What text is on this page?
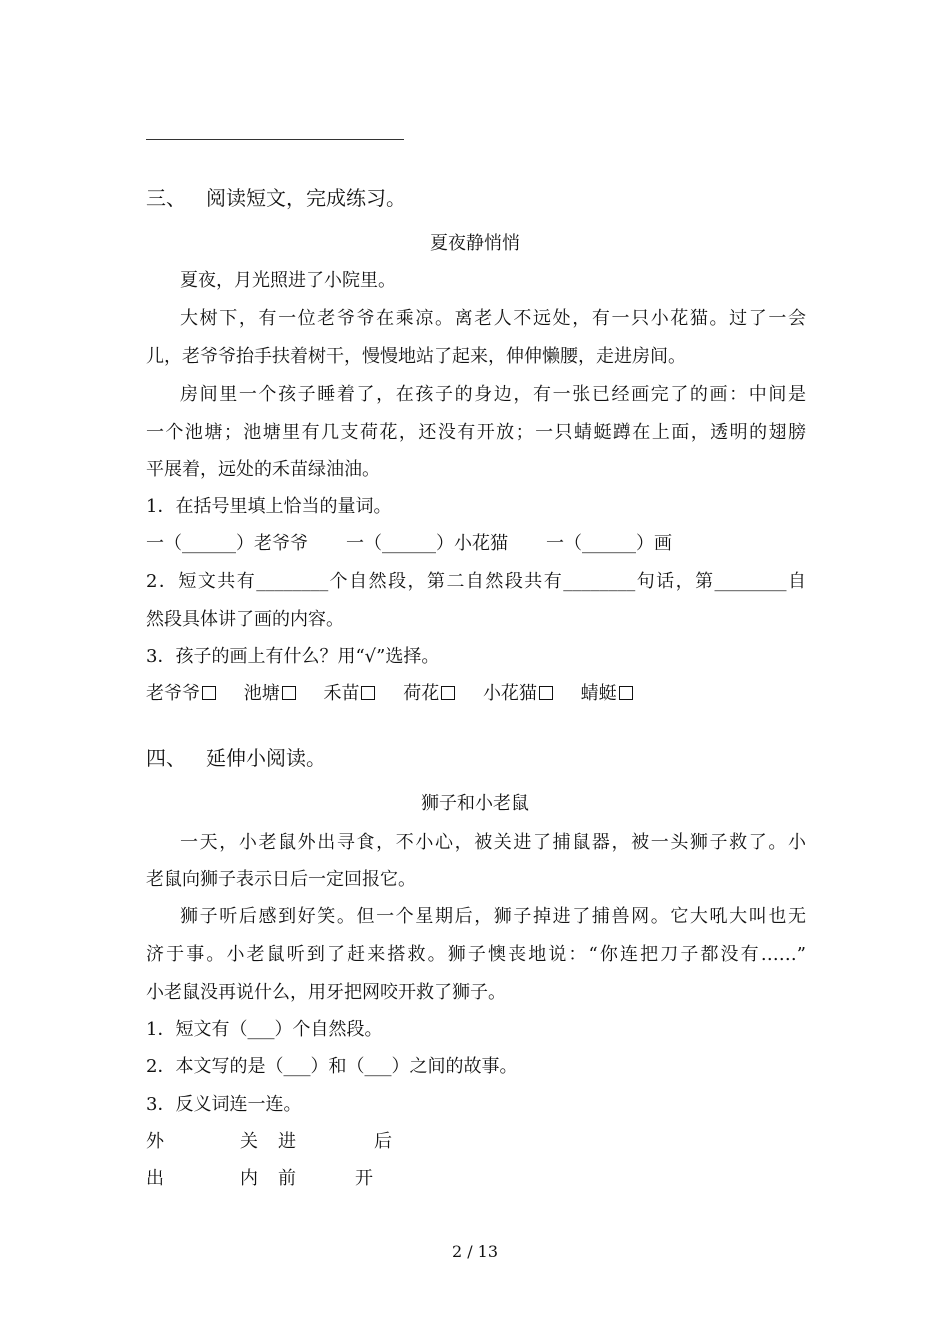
三、 阅读短文，完成练习。
夏夜静悄悄
夏夜，月光照进了小院里。
大树下，有一位老爷爷在乘凉。离老人不远处，有一只小花猫。过了一会
儿，老爷爷抬手扶着树干，慢慢地站了起来，伸伸懒腰，走进房间。
房间里一个孩子睡着了，在孩子的身边，有一张已经画完了的画：中间是
一个池塘；池塘里有几支荷花，还没有开放；一只蜻蜓蹲在上面，透明的翅膀
平展着，远处的禾苗绿油油。
1．在括号里填上恰当的量词。
一（______）老爷爷 一（______）小花猫 一（______）画
2．短文共有________个自然段，第二自然段共有________句话，第________自
然段具体讲了画的内容。
3．孩子的画上有什么？用“√”选择。
老爷爷 池塘 禾苗 荷花 小花猫 蜻蜓
四、 延伸小阅读。
狮子和小老鼠
一天，小老鼠外出寻食，不小心，被关进了捕鼠器，被一头狮子救了。小
老鼠向狮子表示日后一定回报它。
狮子听后感到好笑。但一个星期后，狮子掉进了捕兽网。它大吼大叫也无
济于事。小老鼠听到了赶来搭救。狮子懊丧地说：“你连把刀子都没有……”
小老鼠没再说什么，用牙把网咬开救了狮子。
1．短文有（___）个自然段。
2．本文写的是（___）和（___）之间的故事。
3．反义词连一连。
外	关 进	后
出	内 前	开
2 / 13
